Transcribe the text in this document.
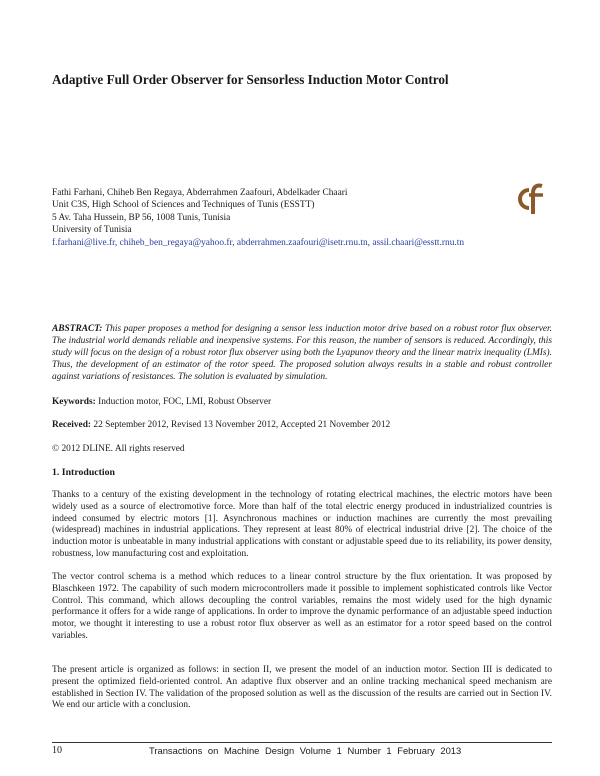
Adaptive Full Order Observer for Sensorless Induction Motor Control
Fathi Farhani, Chiheb Ben Regaya, Abderrahmen Zaafouri, Abdelkader Chaari
Unit C3S, High School of Sciences and Techniques of Tunis (ESSTT)
5 Av. Taha Hussein, BP 56, 1008 Tunis, Tunisia
University of Tunisia
f.farhani@live.fr, chiheb_ben_regaya@yahoo.fr, abderrahmen.zaafouri@isetr.rnu.tn, assil.chaari@esstt.rnu.tn
ABSTRACT: This paper proposes a method for designing a sensor less induction motor drive based on a robust rotor flux observer. The industrial world demands reliable and inexpensive systems. For this reason, the number of sensors is reduced. Accordingly, this study will focus on the design of a robust rotor flux observer using both the Lyapunov theory and the linear matrix inequality (LMIs). Thus, the development of an estimator of the rotor speed. The proposed solution always results in a stable and robust controller against variations of resistances. The solution is evaluated by simulation.
Keywords: Induction motor, FOC, LMI, Robust Observer
Received: 22 September 2012, Revised 13 November 2012, Accepted 21 November 2012
© 2012 DLINE. All rights reserved
1. Introduction
Thanks to a century of the existing development in the technology of rotating electrical machines, the electric motors have been widely used as a source of electromotive force. More than half of the total electric energy produced in industrialized countries is indeed consumed by electric motors [1]. Asynchronous machines or induction machines are currently the most prevailing (widespread) machines in industrial applications. They represent at least 80% of electrical industrial drive [2]. The choice of the induction motor is unbeatable in many industrial applications with constant or adjustable speed due to its reliability, its power density, robustness, low manufacturing cost and exploitation.
The vector control schema is a method which reduces to a linear control structure by the flux orientation. It was proposed by Blaschkeen 1972. The capability of such modern microcontrollers made it possible to implement sophisticated controls like Vector Control. This command, which allows decoupling the control variables, remains the most widely used for the high dynamic performance it offers for a wide range of applications. In order to improve the dynamic performance of an adjustable speed induction motor, we thought it interesting to use a robust rotor flux observer as well as an estimator for a rotor speed based on the control variables.
The present article is organized as follows: in section II, we present the model of an induction motor. Section III is dedicated to present the optimized field-oriented control. An adaptive flux observer and an online tracking mechanical speed mechanism are established in Section IV. The validation of the proposed solution as well as the discussion of the results are carried out in Section IV. We end our article with a conclusion.
10	Transactions on Machine Design Volume 1 Number 1 February 2013
